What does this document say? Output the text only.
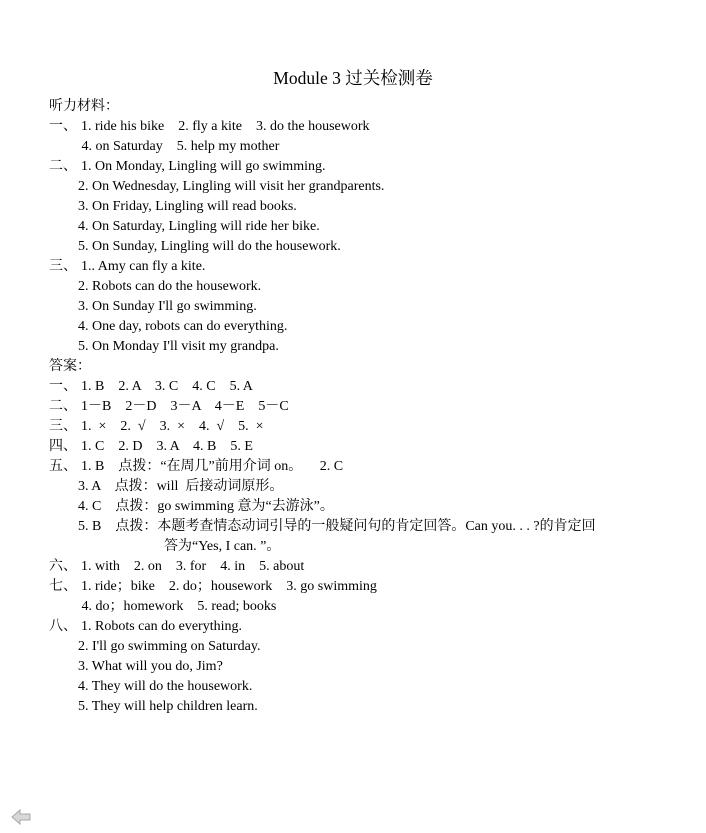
Module 3 过关检测卷
听力材料：
一、 1. ride his bike    2. fly a kite    3. do the housework
4. on Saturday    5. help my mother
二、 1. On Monday, Lingling will go swimming.
2. On Wednesday, Lingling will visit her grandparents.
3. On Friday, Lingling will read books.
4. On Saturday, Lingling will ride her bike.
5. On Sunday, Lingling will do the housework.
三、 1.. Amy can fly a kite.
2. Robots can do the housework.
3. On Sunday I'll go swimming.
4. One day, robots can do everything.
5. On Monday I'll visit my grandpa.
答案：
一、 1. B    2. A    3. C    4. C    5. A
二、 1－B    2－D    3－A    4－E    5－C
三、 1.  ×    2.  √    3.  ×    4.  √    5.  ×
四、 1. C    2. D    3. A    4. B    5. E
五、 1. B    点拨：“在周几”前用介词 on。     2. C
3. A    点拨：will  后接动词原形。
4. C    点拨：go swimming 意为“去游泳”。
5. B    点拨：本题考查情态动词引导的一般疑问句的肯定回答。Can you. . . ?的肯定回
答为“Yes, I can. ”。
六、 1. with    2. on    3. for    4. in    5. about
七、 1. ride；bike    2. do；housework    3. go swimming
4. do；homework    5. read; books
八、 1. Robots can do everything.
2. I'll go swimming on Saturday.
3. What will you do, Jim?
4. They will do the housework.
5. They will help children learn.
